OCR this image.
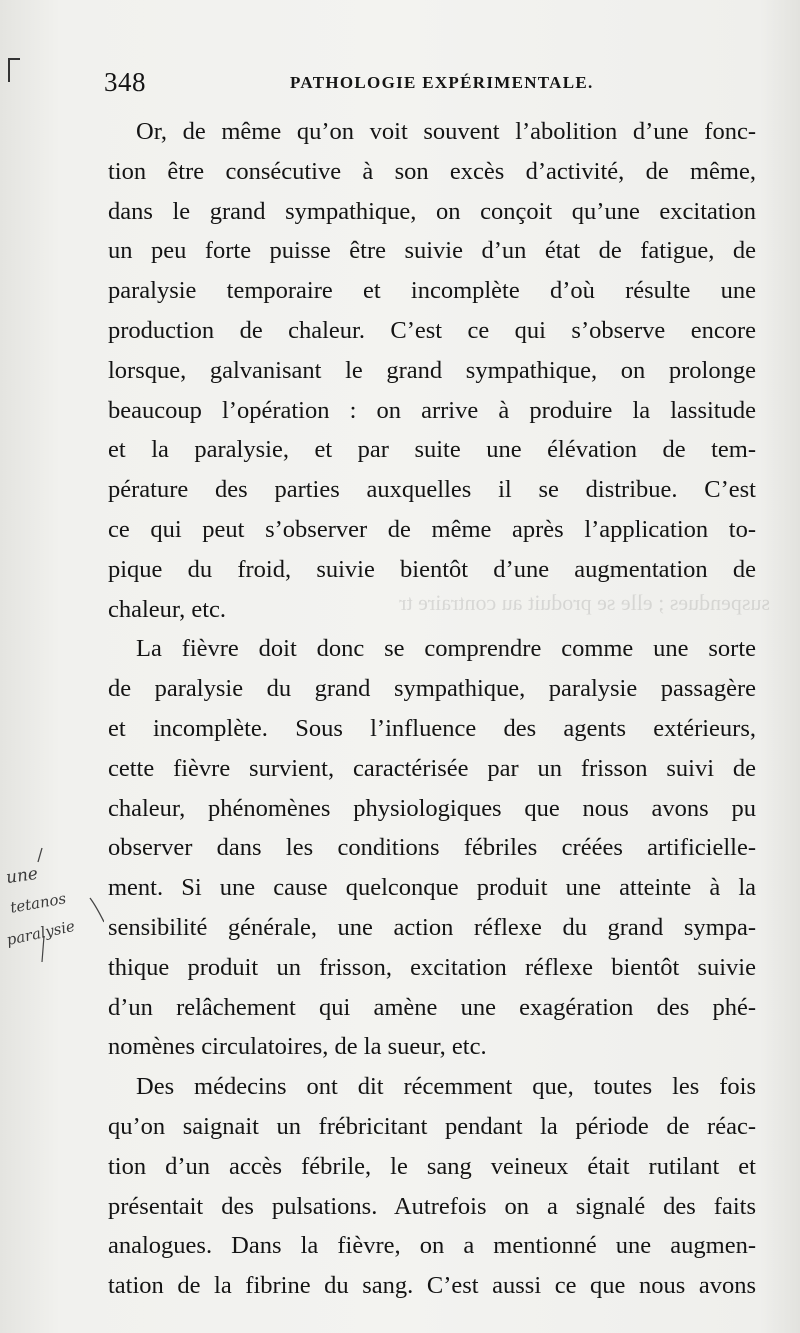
348	PATHOLOGIE EXPÉRIMENTALE.
suspendues ; elle se produit au contraire tr
Or, de même qu’on voit souvent l’abolition d’une fonc-
tion être consécutive à son excès d’activité, de même,
dans le grand sympathique, on conçoit qu’une excitation
un peu forte puisse être suivie d’un état de fatigue, de
paralysie temporaire et incomplète d’où résulte une
production de chaleur. C’est ce qui s’observe encore
lorsque, galvanisant le grand sympathique, on prolonge
beaucoup l’opération : on arrive à produire la lassitude
et la paralysie, et par suite une élévation de tem-
pérature des parties auxquelles il se distribue. C’est
ce qui peut s’observer de même après l’application to-
pique du froid, suivie bientôt d’une augmentation de
chaleur, etc.
La fièvre doit donc se comprendre comme une sorte
de paralysie du grand sympathique, paralysie passagère
et incomplète. Sous l’influence des agents extérieurs,
cette fièvre survient, caractérisée par un frisson suivi de
chaleur, phénomènes physiologiques que nous avons pu
observer dans les conditions fébriles créées artificielle-
ment. Si une cause quelconque produit une atteinte à la
sensibilité générale, une action réflexe du grand sympa-
thique produit un frisson, excitation réflexe bientôt suivie
d’un relâchement qui amène une exagération des phé-
nomènes circulatoires, de la sueur, etc.
Des médecins ont dit récemment que, toutes les fois
qu’on saignait un frébricitant pendant la période de réac-
tion d’un accès fébrile, le sang veineux était rutilant et
présentait des pulsations. Autrefois on a signalé des faits
analogues. Dans la fièvre, on a mentionné une augmen-
tation de la fibrine du sang. C’est aussi ce que nous avons
une
tetanos
paralysie
